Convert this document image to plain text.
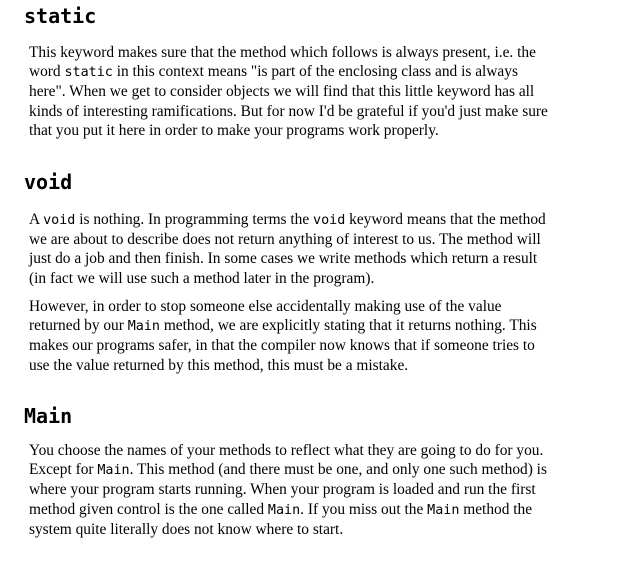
static

This keyword makes sure that the method which follows is always present, i.e. the
word static in this context means "is part of the enclosing class and is always
here". When we get to consider objects we will find that this little keyword has all
kinds of interesting ramifications. But for now I'd be grateful if you'd just make sure
that you put it here in order to make your programs work properly.

void

A void is nothing. In programming terms the void keyword means that the method
we are about to describe does not return anything of interest to us. The method will
just do a job and then finish. In some cases we write methods which return a result
(in fact we will use such a method later in the program).

However, in order to stop someone else accidentally making use of the value
returned by our Main method, we are explicitly stating that it returns nothing. This
makes our programs safer, in that the compiler now knows that if someone tries to
use the value returned by this method, this must be a mistake.

Main

You choose the names of your methods to reflect what they are going to do for you.
Except for Main. This method (and there must be one, and only one such method) is
where your program starts running. When your program is loaded and run the first
method given control is the one called Main. If you miss out the Main method the
system quite literally does not know where to start.
